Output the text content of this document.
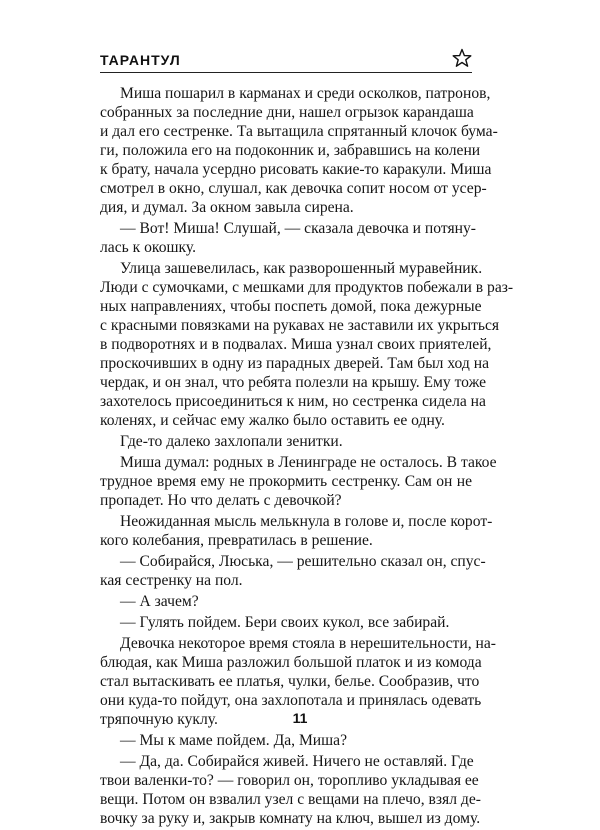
ТАРАНТУЛ
Миша пошарил в карманах и среди осколков, патронов,
собранных за последние дни, нашел огрызок карандаша
и дал его сестренке. Та вытащила спрятанный клочок бума-
ги, положила его на подоконник и, забравшись на колени
к брату, начала усердно рисовать какие-то каракули. Миша
смотрел в окно, слушал, как девочка сопит носом от усер-
дия, и думал. За окном завыла сирена.
— Вот! Миша! Слушай, — сказала девочка и потяну-
лась к окошку.
Улица зашевелилась, как разворошенный муравейник.
Люди с сумочками, с мешками для продуктов побежали в раз-
ных направлениях, чтобы поспеть домой, пока дежурные
с красными повязками на рукавах не заставили их укрыться
в подворотнях и в подвалах. Миша узнал своих приятелей,
проскочивших в одну из парадных дверей. Там был ход на
чердак, и он знал, что ребята полезли на крышу. Ему тоже
захотелось присоединиться к ним, но сестренка сидела на
коленях, и сейчас ему жалко было оставить ее одну.
Где-то далеко захлопали зенитки.
Миша думал: родных в Ленинграде не осталось. В такое
трудное время ему не прокормить сестренку. Сам он не
пропадет. Но что делать с девочкой?
Неожиданная мысль мелькнула в голове и, после корот-
кого колебания, превратилась в решение.
— Собирайся, Люська, — решительно сказал он, спус-
кая сестренку на пол.
— А зачем?
— Гулять пойдем. Бери своих кукол, все забирай.
Девочка некоторое время стояла в нерешительности, на-
блюдая, как Миша разложил большой платок и из комода
стал вытаскивать ее платья, чулки, белье. Сообразив, что
они куда-то пойдут, она захлопотала и принялась одевать
тряпочную куклу.
— Мы к маме пойдем. Да, Миша?
— Да, да. Собирайся живей. Ничего не оставляй. Где
твои валенки-то? — говорил он, торопливо укладывая ее
вещи. Потом он взвалил узел с вещами на плечо, взял де-
вочку за руку и, закрыв комнату на ключ, вышел из дому.
11
